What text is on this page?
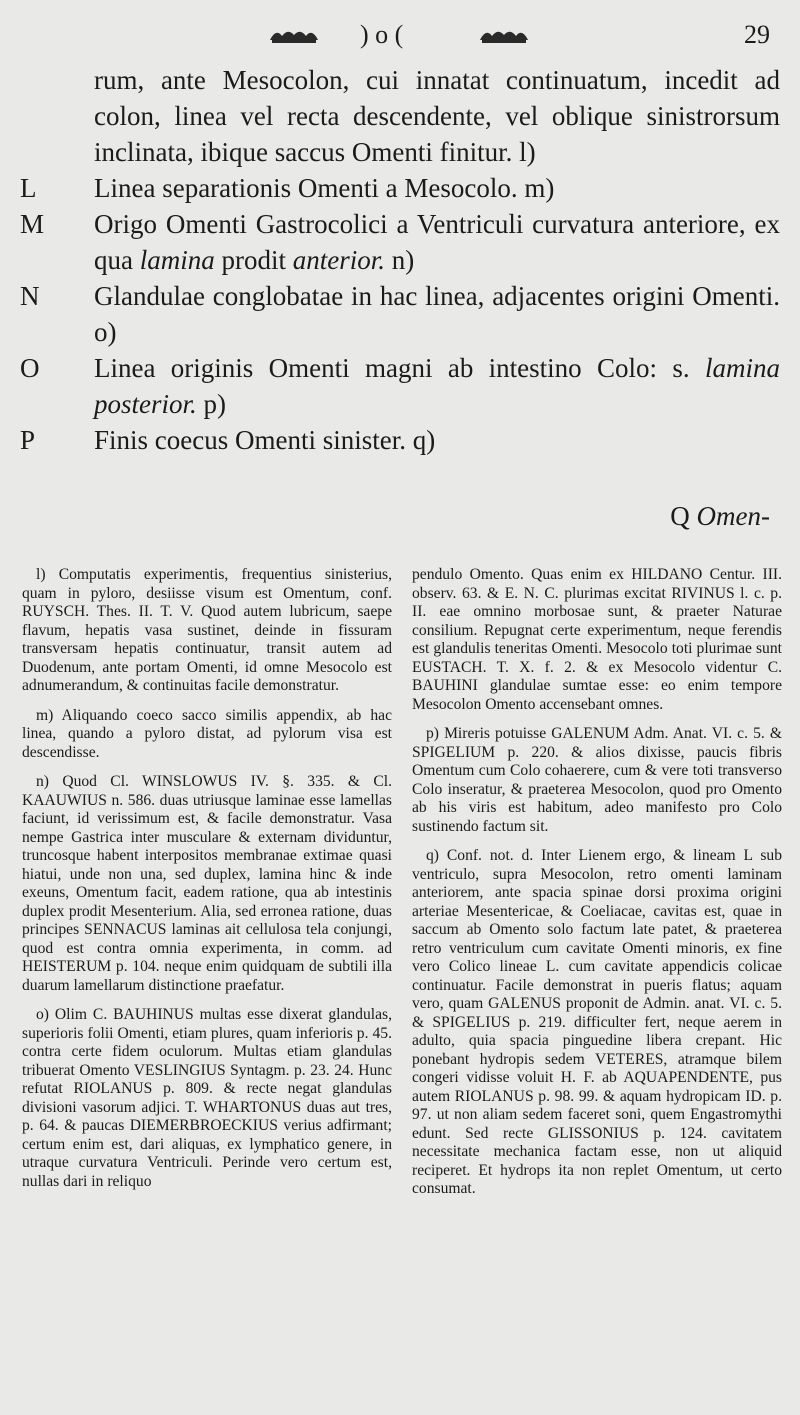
) o (	29
rum, ante Mesocolon, cui innatat continuatum, incedit ad colon, linea vel recta descendente, vel oblique sinistrorsum inclinata, ibique saccus Omenti finitur. l)
L	Linea separationis Omenti a Mesocolo. m)
M	Origo Omenti Gastrocolici a Ventriculi curvatura anteriore, ex qua lamina prodit anterior. n)
N	Glandulae conglobatae in hac linea, adjacentes origini Omenti. o)
O	Linea originis Omenti magni ab intestino Colo: s. lamina posterior. p)
P	Finis coecus Omenti sinister. q)
Q Omen-

l) Computatis experimentis, frequentius sinisterius, quam in pyloro, desiisse visum est Omentum, conf. RUYSCH. Thes. II. T. V. Quod autem lubricum, saepe flavum, hepatis vasa sustinet, deinde in fissuram transversam hepatis continuatur, transit autem ad Duodenum, ante portam Omenti, id omne Mesocolo est adnumerandum, & continuitas facile demonstratur.

m) Aliquando coeco sacco similis appendix, ab hac linea, quando a pyloro distat, ad pylorum visa est descendisse.

n) Quod Cl. WINSLOWUS IV. §. 335. & Cl. KAAUWIUS n. 586. duas utriusque laminae esse lamellas faciunt, id verissimum est, & facile demonstratur. Vasa nempe Gastrica inter musculare & externam dividuntur, truncosque habent interpositos membranae extimae quasi hiatui, unde non una, sed duplex, lamina hinc & inde exeuns, Omentum facit, eadem ratione, qua ab intestinis duplex prodit Mesenterium. Alia, sed erronea ratione, duas principes SENNACUS laminas ait cellulosa tela conjungi, quod est contra omnia experimenta, in comm. ad HEISTERUM p. 104. neque enim quidquam de subtili illa duarum lamellarum distinctione praefatur.

o) Olim C. BAUHINUS multas esse dixerat glandulas, superioris folii Omenti, etiam plures, quam inferioris p. 45. contra certe fidem oculorum. Multas etiam glandulas tribuerat Omento VESLINGIUS Syntagm. p. 23. 24. Hunc refutat RIOLANUS p. 809. & recte negat glandulas divisioni vasorum adjici. T. WHARTONUS duas aut tres, p. 64. & paucas DIEMERBROECKIUS verius adfirmant; certum enim est, dari aliquas, ex lymphatico genere, in utraque curvatura Ventriculi. Perinde vero certum est, nullas dari in reliquo

pendulo Omento. Quas enim ex HILDANO Centur. III. observ. 63. & E. N. C. plurimas excitat RIVINUS l. c. p. II. eae omnino morbosae sunt, & praeter Naturae consilium. Repugnat certe experimentum, neque ferendis est glandulis teneritas Omenti. Mesocolo toti plurimae sunt EUSTACH. T. X. f. 2. & ex Mesocolo videntur C. BAUHINI glandulae sumtae esse: eo enim tempore Mesocolon Omento accensebant omnes.

p) Mireris potuisse GALENUM Adm. Anat. VI. c. 5. & SPIGELIUM p. 220. & alios dixisse, paucis fibris Omentum cum Colo cohaerere, cum & vere toti transverso Colo inseratur, & praeterea Mesocolon, quod pro Omento ab his viris est habitum, adeo manifesto pro Colo sustinendo factum sit.

q) Conf. not. d. Inter Lienem ergo, & lineam L sub ventriculo, supra Mesocolon, retro omenti laminam anteriorem, ante spacia spinae dorsi proxima origini arteriae Mesentericae, & Coeliacae, cavitas est, quae in saccum ab Omento solo factum late patet, & praeterea retro ventriculum cum cavitate Omenti minoris, ex fine vero Colico lineae L. cum cavitate appendicis colicae continuatur. Facile demonstrat in pueris flatus; aquam vero, quam GALENUS proponit de Admin. anat. VI. c. 5. & SPIGELIUS p. 219. difficulter fert, neque aerem in adulto, quia spacia pinguedine libera crepant. Hic ponebant hydropis sedem VETERES, atramque bilem congeri vidisse voluit H. F. ab AQUAPENDENTE, pus autem RIOLANUS p. 98. 99. & aquam hydropicam ID. p. 97. ut non aliam sedem faceret soni, quem Engastromythi edunt. Sed recte GLISSONIUS p. 124. cavitatem necessitate mechanica factam esse, non ut aliquid reciperet. Et hydrops ita non replet Omentum, ut certo consumat.
